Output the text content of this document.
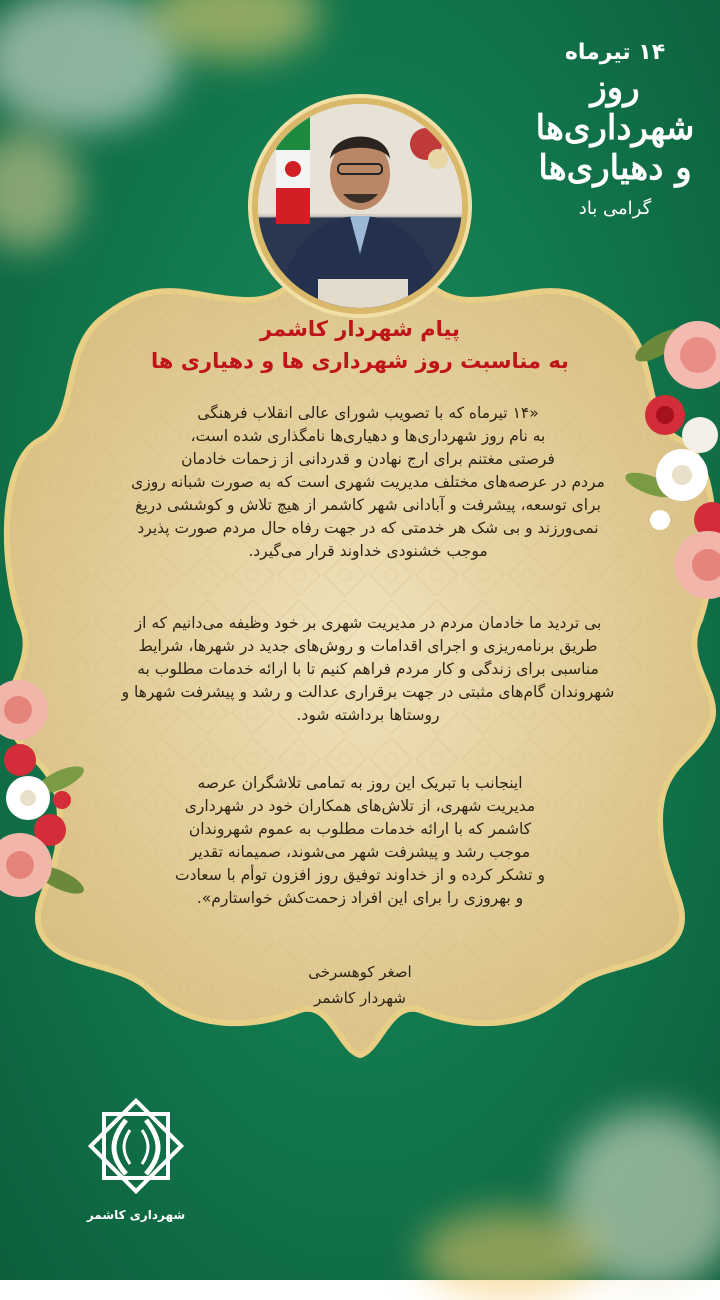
۱۴ تیرماه
روز شهرداری‌ها
و دهیاری‌ها
گرامی باد
پیام شهردار کاشمر
به مناسبت روز شهرداری ها و دهیاری ها
«۱۴ تیرماه که با تصویب شورای عالی انقلاب فرهنگی
به نام روز شهرداری‌ها و دهیاری‌ها نامگذاری شده است،
فرصتی مغتنم برای ارج نهادن و قدردانی از زحمات خادمان
مردم در عرصه‌های مختلف مدیریت شهری است که به صورت شبانه روزی
برای توسعه، پیشرفت و آبادانی شهر کاشمر از هیچ تلاش و کوششی دریغ
نمی‌ورزند و بی شک هر خدمتی که در جهت رفاه حال مردم صورت پذیرد
موجب خشنودی خداوند قرار می‌گیرد.
بی تردید ما خادمان مردم در مدیریت شهری بر خود وظیفه می‌دانیم که از
طریق برنامه‌ریزی و اجرای اقدامات و روش‌های جدید در شهرها، شرایط
مناسبی برای زندگی و کار مردم فراهم کنیم تا با ارائه خدمات مطلوب به
شهروندان گام‌های مثبتی در جهت برقراری عدالت و رشد و پیشرفت شهرها و
روستاها برداشته شود.
اینجانب با تبریک این روز به تمامی تلاشگران عرصه
مدیریت شهری، از تلاش‌های همکاران خود در شهرداری
کاشمر که با ارائه خدمات مطلوب به عموم شهروندان
موجب رشد و پیشرفت شهر می‌شوند، صمیمانه تقدیر
و تشکر کرده و از خداوند توفیق روز افزون توأم با سعادت
و بهروزی را برای این افراد زحمت‌کش خواستارم».
اصغر کوهسرخی
شهردار کاشمر
شهرداری کاشمر
